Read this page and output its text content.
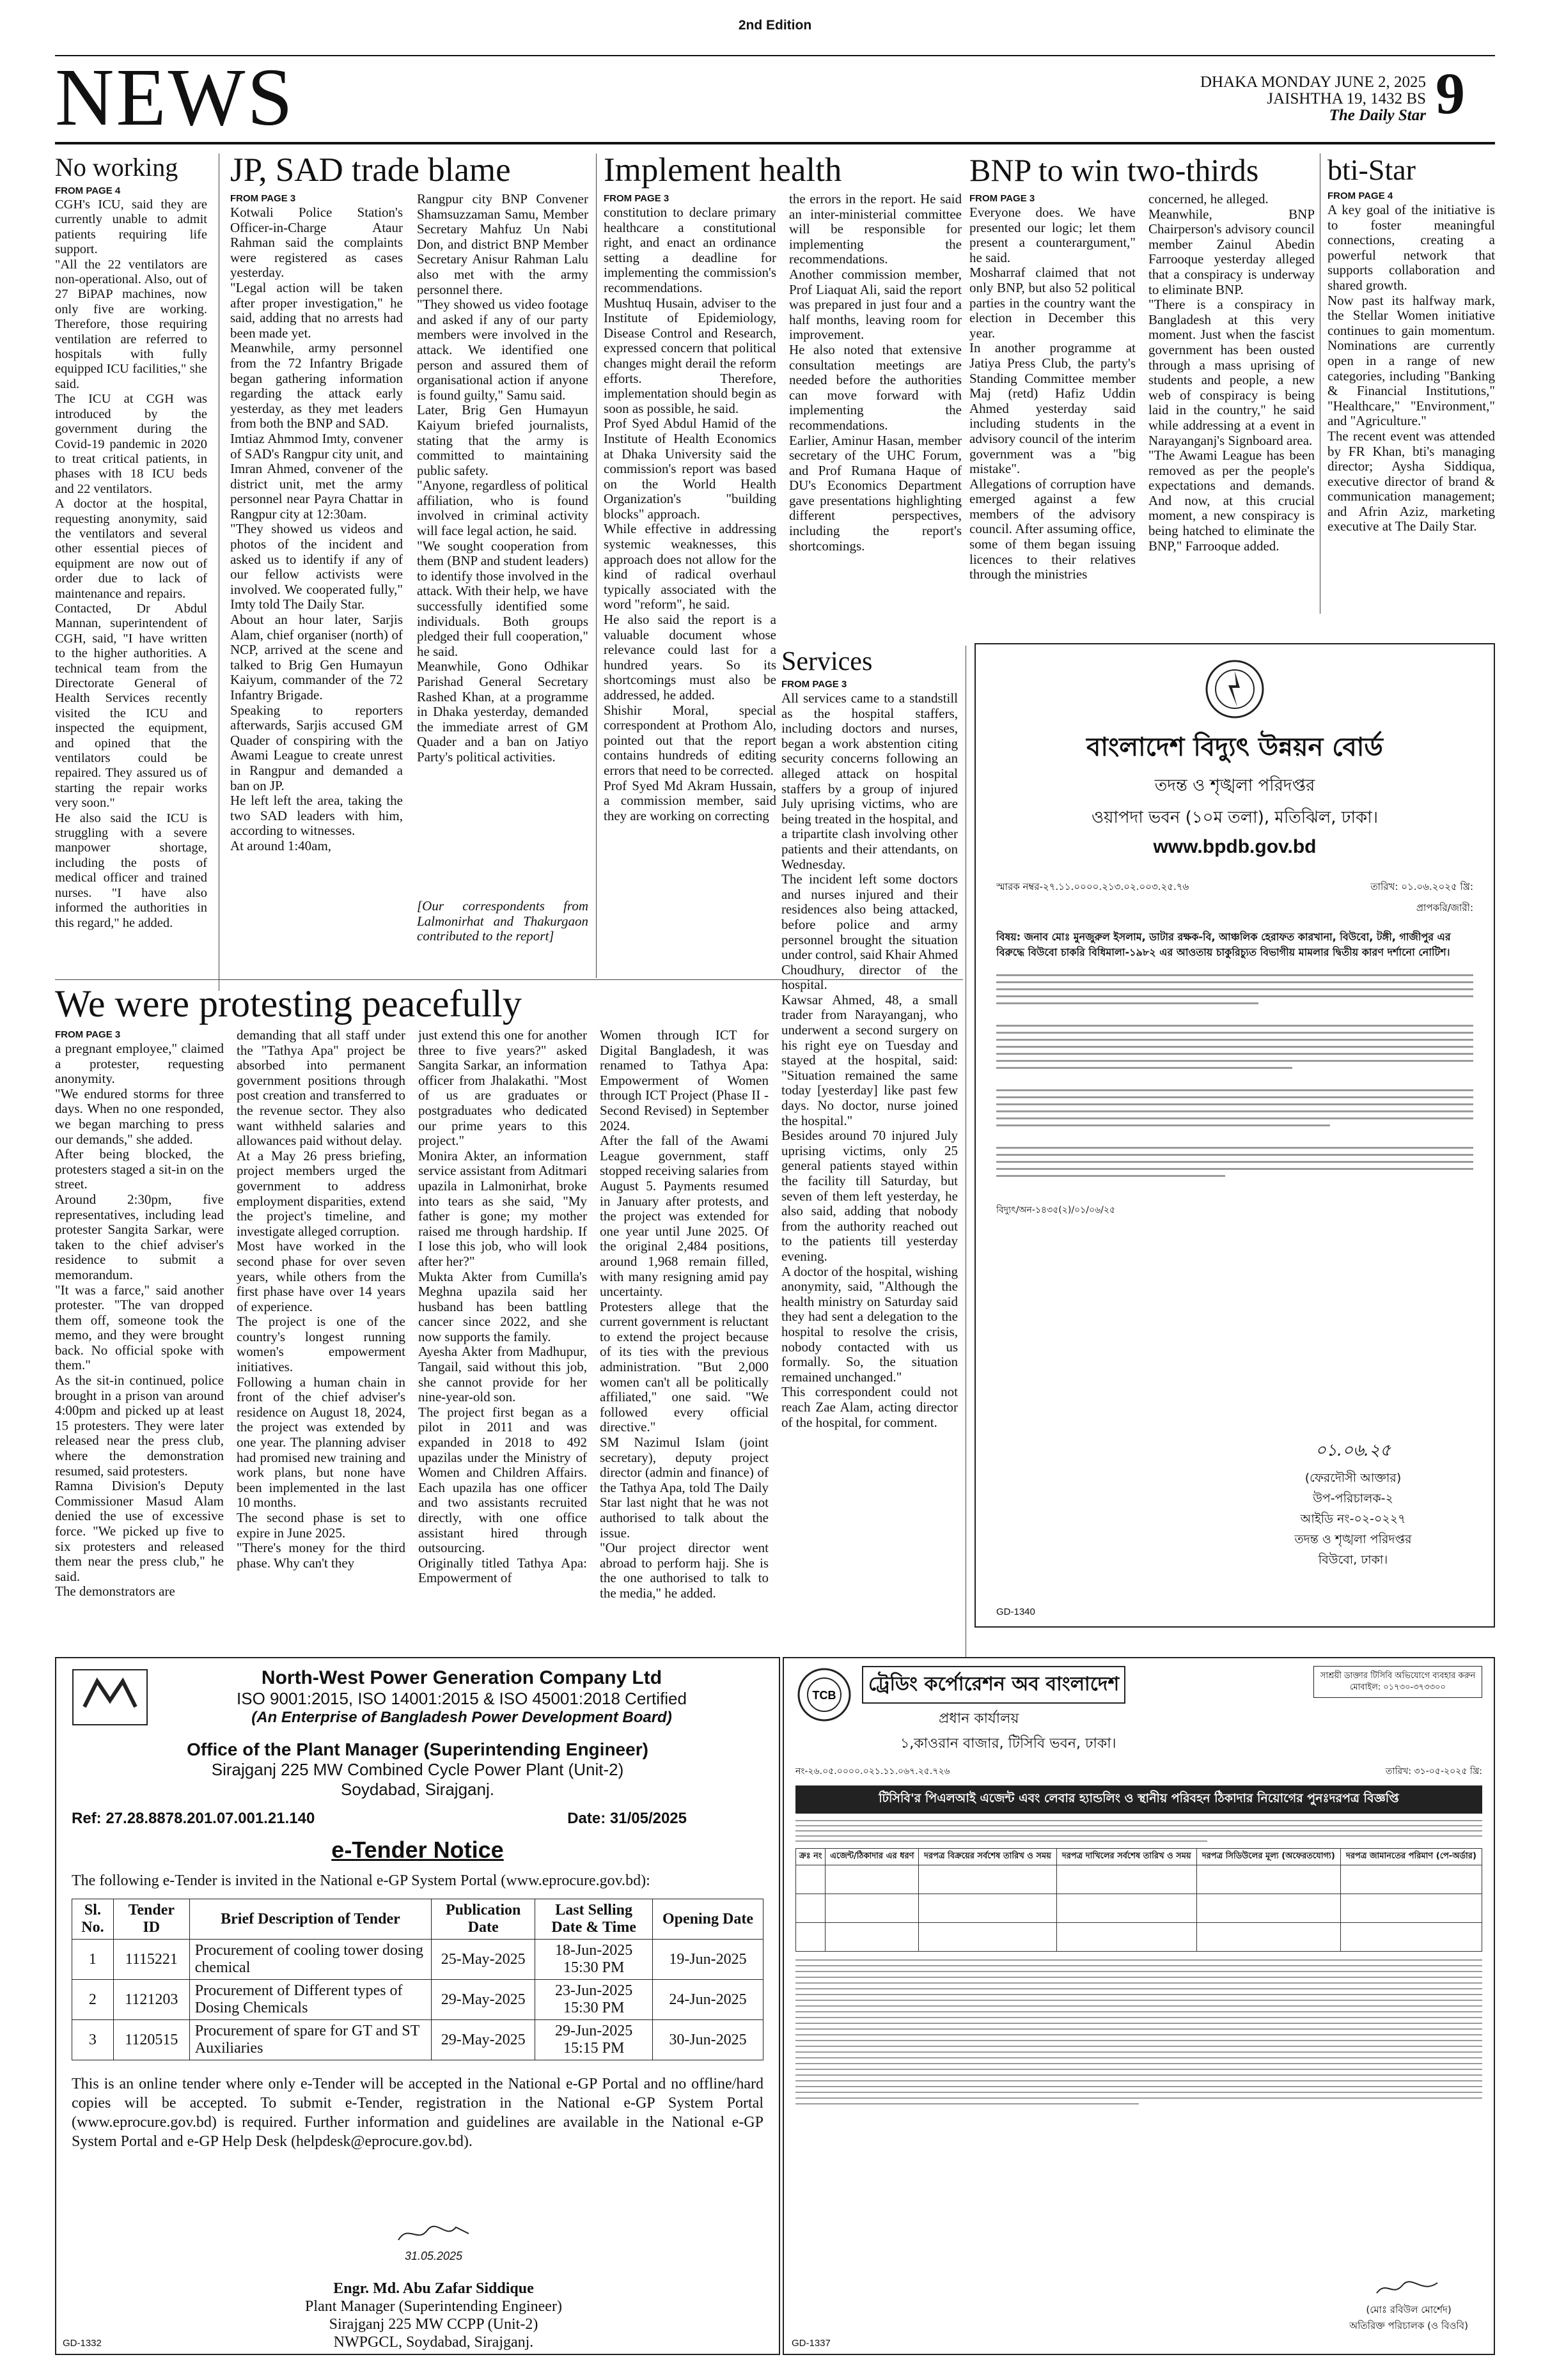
2nd Edition
NEWS	DHAKA MONDAY JUNE 2, 2025
JAISHTHA 19, 1432 BS
The Daily Star 9
No working
FROM PAGE 4
CGH's ICU, said they are currently unable to admit patients requiring life support.
"All the 22 ventilators are non-operational. Also, out of 27 BiPAP machines, now only five are working. Therefore, those requiring ventilation are referred to hospitals with fully equipped ICU facilities," she said.
The ICU at CGH was introduced by the government during the Covid-19 pandemic in 2020 to treat critical patients, in phases with 18 ICU beds and 22 ventilators.
A doctor at the hospital, requesting anonymity, said the ventilators and several other essential pieces of equipment are now out of order due to lack of maintenance and repairs.
Contacted, Dr Abdul Mannan, superintendent of CGH, said, "I have written to the higher authorities. A technical team from the Directorate General of Health Services recently visited the ICU and inspected the equipment, and opined that the ventilators could be repaired. They assured us of starting the repair works very soon."
He also said the ICU is struggling with a severe manpower shortage, including the posts of medical officer and trained nurses. "I have also informed the authorities in this regard," he added.
JP, SAD trade blame
FROM PAGE 3
Kotwali Police Station's Officer-in-Charge Ataur Rahman said the complaints were registered as cases yesterday.
"Legal action will be taken after proper investigation," he said, adding that no arrests had been made yet.
Meanwhile, army personnel from the 72 Infantry Brigade began gathering information regarding the attack early yesterday, as they met leaders from both the BNP and SAD.
Imtiaz Ahmmod Imty, convener of SAD's Rangpur city unit, and Imran Ahmed, convener of the district unit, met the army personnel near Payra Chattar in Rangpur city at 12:30am.
"They showed us videos and photos of the incident and asked us to identify if any of our fellow activists were involved. We cooperated fully," Imty told The Daily Star.
About an hour later, Sarjis Alam, chief organiser (north) of NCP, arrived at the scene and talked to Brig Gen Humayun Kaiyum, commander of the 72 Infantry Brigade.
Speaking to reporters afterwards, Sarjis accused GM Quader of conspiring with the Awami League to create unrest in Rangpur and demanded a ban on JP.
He left left the area, taking the two SAD leaders with him, according to witnesses.
At around 1:40am,
Rangpur city BNP Convener Shamsuzzaman Samu, Member Secretary Mahfuz Un Nabi Don, and district BNP Member Secretary Anisur Rahman Lalu also met with the army personnel there.
"They showed us video footage and asked if any of our party members were involved in the attack. We identified one person and assured them of organisational action if anyone is found guilty," Samu said.
Later, Brig Gen Humayun Kaiyum briefed journalists, stating that the army is committed to maintaining public safety.
"Anyone, regardless of political affiliation, who is found involved in criminal activity will face legal action, he said.
"We sought cooperation from them (BNP and student leaders) to identify those involved in the attack. With their help, we have successfully identified some individuals. Both groups pledged their full cooperation," he said.
Meanwhile, Gono Odhikar Parishad General Secretary Rashed Khan, at a programme in Dhaka yesterday, demanded the immediate arrest of GM Quader and a ban on Jatiyo Party's political activities.
[Our correspondents from Lalmonirhat and Thakurgaon contributed to the report]
Implement health
FROM PAGE 3
constitution to declare primary healthcare a constitutional right, and enact an ordinance setting a deadline for implementing the commission's recommendations.
Mushtuq Husain, adviser to the Institute of Epidemiology, Disease Control and Research, expressed concern that political changes might derail the reform efforts. Therefore, implementation should begin as soon as possible, he said.
Prof Syed Abdul Hamid of the Institute of Health Economics at Dhaka University said the commission's report was based on the World Health Organization's "building blocks" approach.
While effective in addressing systemic weaknesses, this approach does not allow for the kind of radical overhaul typically associated with the word "reform", he said.
He also said the report is a valuable document whose relevance could last for a hundred years. So its shortcomings must also be addressed, he added.
Shishir Moral, special correspondent at Prothom Alo, pointed out that the report contains hundreds of editing errors that need to be corrected.
Prof Syed Md Akram Hussain, a commission member, said they are working on correcting
the errors in the report. He said an inter-ministerial committee will be responsible for implementing the recommendations.
Another commission member, Prof Liaquat Ali, said the report was prepared in just four and a half months, leaving room for improvement.
He also noted that extensive consultation meetings are needed before the authorities can move forward with implementing the recommendations.
Earlier, Aminur Hasan, member secretary of the UHC Forum, and Prof Rumana Haque of DU's Economics Department gave presentations highlighting different perspectives, including the report's shortcomings.
Services
FROM PAGE 3
All services came to a standstill as the hospital staffers, including doctors and nurses, began a work abstention citing security concerns following an alleged attack on hospital staffers by a group of injured July uprising victims, who are being treated in the hospital, and a tripartite clash involving other patients and their attendants, on Wednesday.
The incident left some doctors and nurses injured and their residences also being attacked, before police and army personnel brought the situation under control, said Khair Ahmed Choudhury, director of the hospital.
Kawsar Ahmed, 48, a small trader from Narayanganj, who underwent a second surgery on his right eye on Tuesday and stayed at the hospital, said: "Situation remained the same today [yesterday] like past few days. No doctor, nurse joined the hospital."
Besides around 70 injured July uprising victims, only 25 general patients stayed within the facility till Saturday, but seven of them left yesterday, he also said, adding that nobody from the authority reached out to the patients till yesterday evening.
A doctor of the hospital, wishing anonymity, said, "Although the health ministry on Saturday said they had sent a delegation to the hospital to resolve the crisis, nobody contacted with us formally. So, the situation remained unchanged."
This correspondent could not reach Zae Alam, acting director of the hospital, for comment.
BNP to win two-thirds
FROM PAGE 3
Everyone does. We have presented our logic; let them present a counterargument," he said.
Mosharraf claimed that not only BNP, but also 52 political parties in the country want the election in December this year.
In another programme at Jatiya Press Club, the party's Standing Committee member Maj (retd) Hafiz Uddin Ahmed yesterday said including students in the advisory council of the interim government was a "big mistake".
Allegations of corruption have emerged against a few members of the advisory council. After assuming office, some of them began issuing licences to their relatives through the ministries
concerned, he alleged.
Meanwhile, BNP Chairperson's advisory council member Zainul Abedin Farrooque yesterday alleged that a conspiracy is underway to eliminate BNP.
"There is a conspiracy in Bangladesh at this very moment. Just when the fascist government has been ousted through a mass uprising of students and people, a new web of conspiracy is being laid in the country," he said while addressing at a event in Narayanganj's Signboard area.
"The Awami League has been removed as per the people's expectations and demands. And now, at this crucial moment, a new conspiracy is being hatched to eliminate the BNP," Farrooque added.
bti-Star
FROM PAGE 4
A key goal of the initiative is to foster meaningful connections, creating a powerful network that supports collaboration and shared growth.
Now past its halfway mark, the Stellar Women initiative continues to gain momentum. Nominations are currently open in a range of new categories, including "Banking & Financial Institutions," "Healthcare," "Environment," and "Agriculture."
The recent event was attended by FR Khan, bti's managing director; Aysha Siddiqua, executive director of brand & communication management; and Afrin Aziz, marketing executive at The Daily Star.
বাংলাদেশ বিদ্যুৎ উন্নয়ন বোর্ড
তদন্ত ও শৃঙ্খলা পরিদপ্তর
ওয়াপদা ভবন (১০ম তলা), মতিঝিল, ঢাকা।
www.bpdb.gov.bd
স্মারক নম্বর-২৭.১১.০০০০.২১৩.০২.০০৩.২৫.৭৬	তারিখ: ০১.০৬.২০২৫ খ্রি:
প্রাপকরি/জারী:
বিষয়: জনাব মোঃ মুনজুরুল ইসলাম, ডাটার রক্ষক-বি, আঞ্চলিক হেরাফত কারখানা, বিউবো, টঙ্গী, গাজীপুর এর বিরুদ্ধে বিউবো চাকরি বিধিমালা-১৯৮২ এর আওতায় চাকুরিচ্যুত বিভাগীয় মামলার দ্বিতীয় কারণ দর্শানো নোটিশ।
বিদ্যুৎ/অন-১৪৩৫(২)/০১/০৬/২৫
০১.০৬.২৫
(ফেরদৌসী আক্তার)
উপ-পরিচালক-২
আইডি নং-০২-০২২৭
তদন্ত ও শৃঙ্খলা পরিদপ্তর
বিউবো, ঢাকা।
GD-1340
We were protesting peacefully
FROM PAGE 3
a pregnant employee," claimed a protester, requesting anonymity.
"We endured storms for three days. When no one responded, we began marching to press our demands," she added.
After being blocked, the protesters staged a sit-in on the street.
Around 2:30pm, five representatives, including lead protester Sangita Sarkar, were taken to the chief adviser's residence to submit a memorandum.
"It was a farce," said another protester. "The van dropped them off, someone took the memo, and they were brought back. No official spoke with them."
As the sit-in continued, police brought in a prison van around 4:00pm and picked up at least 15 protesters. They were later released near the press club, where the demonstration resumed, said protesters.
Ramna Division's Deputy Commissioner Masud Alam denied the use of excessive force. "We picked up five to six protesters and released them near the press club," he said.
The demonstrators are
demanding that all staff under the "Tathya Apa" project be absorbed into permanent government positions through post creation and transferred to the revenue sector. They also want withheld salaries and allowances paid without delay.
At a May 26 press briefing, project members urged the government to address employment disparities, extend the project's timeline, and investigate alleged corruption.
Most have worked in the second phase for over seven years, while others from the first phase have over 14 years of experience.
The project is one of the country's longest running women's empowerment initiatives.
Following a human chain in front of the chief adviser's residence on August 18, 2024, the project was extended by one year. The planning adviser had promised new training and work plans, but none have been implemented in the last 10 months.
The second phase is set to expire in June 2025.
"There's money for the third phase. Why can't they
just extend this one for another three to five years?" asked Sangita Sarkar, an information officer from Jhalakathi. "Most of us are graduates or postgraduates who dedicated our prime years to this project."
Monira Akter, an information service assistant from Aditmari upazila in Lalmonirhat, broke into tears as she said, "My father is gone; my mother raised me through hardship. If I lose this job, who will look after her?"
Mukta Akter from Cumilla's Meghna upazila said her husband has been battling cancer since 2022, and she now supports the family.
Ayesha Akter from Madhupur, Tangail, said without this job, she cannot provide for her nine-year-old son.
The project first began as a pilot in 2011 and was expanded in 2018 to 492 upazilas under the Ministry of Women and Children Affairs. Each upazila has one officer and two assistants recruited directly, with one office assistant hired through outsourcing.
Originally titled Tathya Apa: Empowerment of
Women through ICT for Digital Bangladesh, it was renamed to Tathya Apa: Empowerment of Women through ICT Project (Phase II - Second Revised) in September 2024.
After the fall of the Awami League government, staff stopped receiving salaries from August 5. Payments resumed in January after protests, and the project was extended for one year until June 2025. Of the original 2,484 positions, around 1,968 remain filled, with many resigning amid pay uncertainty.
Protesters allege that the current government is reluctant to extend the project because of its ties with the previous administration. "But 2,000 women can't all be politically affiliated," one said. "We followed every official directive."
SM Nazimul Islam (joint secretary), deputy project director (admin and finance) of the Tathya Apa, told The Daily Star last night that he was not authorised to talk about the issue.
"Our project director went abroad to perform hajj. She is the one authorised to talk to the media," he added.
North-West Power Generation Company Ltd
ISO 9001:2015, ISO 14001:2015 & ISO 45001:2018 Certified
(An Enterprise of Bangladesh Power Development Board)
Office of the Plant Manager (Superintending Engineer)
Sirajganj 225 MW Combined Cycle Power Plant (Unit-2)
Soydabad, Sirajganj.
Ref: 27.28.8878.201.07.001.21.140	Date: 31/05/2025
e-Tender Notice
The following e-Tender is invited in the National e-GP System Portal (www.eprocure.gov.bd):
Sl. No.	Tender ID	Brief Description of Tender	Publication Date	Last Selling Date & Time	Opening Date
1	1115221	Procurement of cooling tower dosing chemical	25-May-2025	18-Jun-2025 15:30 PM	19-Jun-2025
2	1121203	Procurement of Different types of Dosing Chemicals	29-May-2025	23-Jun-2025 15:30 PM	24-Jun-2025
3	1120515	Procurement of spare for GT and ST Auxiliaries	29-May-2025	29-Jun-2025 15:15 PM	30-Jun-2025
This is an online tender where only e-Tender will be accepted in the National e-GP Portal and no offline/hard copies will be accepted. To submit e-Tender, registration in the National e-GP System Portal (www.eprocure.gov.bd) is required. Further information and guidelines are available in the National e-GP System Portal and e-GP Help Desk (helpdesk@eprocure.gov.bd).
31.05.2025
Engr. Md. Abu Zafar Siddique
Plant Manager (Superintending Engineer)
Sirajganj 225 MW CCPP (Unit-2)
NWPGCL, Soydabad, Sirajganj.
GD-1332
TCB	ট্রেডিং কর্পোরেশন অব বাংলাদেশ
প্রধান কার্যালয়
১,কাওরান বাজার, টিসিবি ভবন, ঢাকা।
সাশ্রয়ী ডাক্তার টিসিবি অভিযোগে ব্যবহার করুন মোবাইল: ০১৭৩০-৩৭৩৩০০
নং-২৬.০৫.০০০০.০২১.১১.০৬৭.২৫.৭২৬	তারিখ: ৩১-০৫-২০২৫ খ্রি:
টিসিবি'র পিএলআই এজেন্ট এবং লেবার হ্যান্ডলিং ও স্থানীয় পরিবহন ঠিকাদার নিয়োগের পুনঃদরপত্র বিজ্ঞপ্তি
ক্রঃ নং	এজেন্ট/ঠিকাদার এর ধরণ	দরপত্র বিক্রয়ের সর্বশেষ তারিখ ও সময়	দরপত্র দাখিলের সর্বশেষ তারিখ ও সময়	দরপত্র সিডিউলের মূল্য (অফেরতযোগ্য)	দরপত্র জামানতের পরিমাণ (পে-অর্ডার)

(মোঃ রবিউল মোর্শেদ)
অতিরিক্ত পরিচালক (ও বিওবি)
GD-1337
